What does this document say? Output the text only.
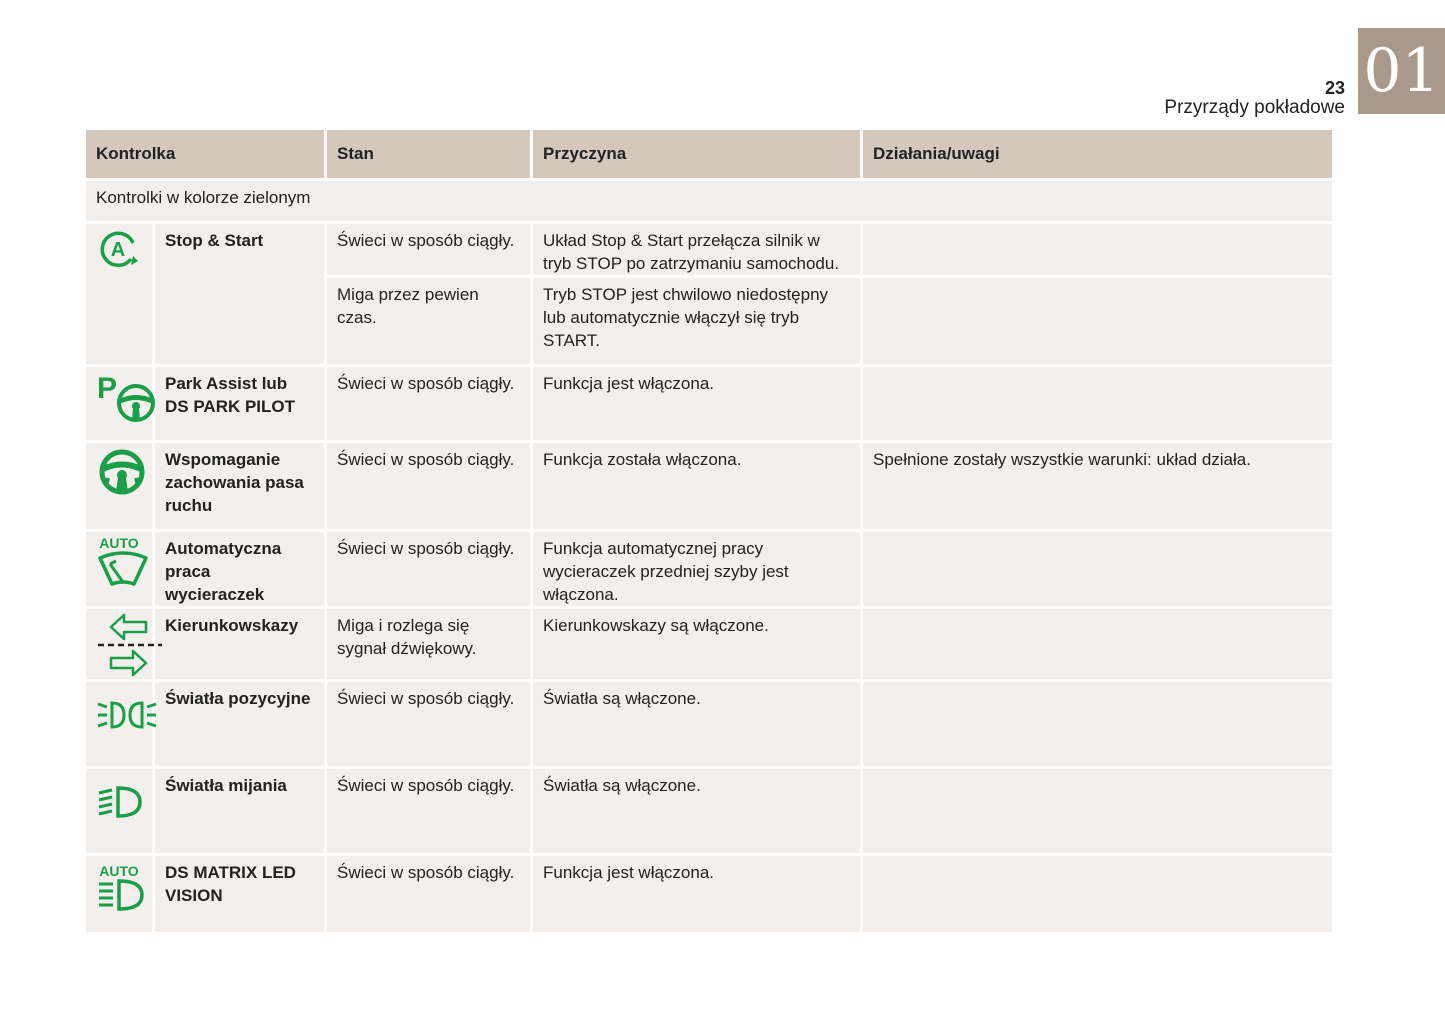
01
23
Przyrządy pokładowe
Kontrolka		Stan	Przyczyna	Działania/uwagi
Kontrolki w kolorze zielonym				

A	Stop & Start	Świeci w sposób ciągły.	Układ Stop & Start przełącza silnik w tryb STOP po zatrzymaniu samochodu.	
		Miga przez pewien czas.	Tryb STOP jest chwilowo niedostępny lub automatycznie włączył się tryb START.	

P	Park Assist lub DS PARK PILOT	Świeci w sposób ciągły.	Funkcja jest włączona.	

	Wspomaganie zachowania pasa ruchu	Świeci w sposób ciągły.	Funkcja została włączona.	Spełnione zostały wszystkie warunki: układ działa.

AUTO	Automatyczna praca wycieraczek	Świeci w sposób ciągły.	Funkcja automatycznej pracy wycieraczek przedniej szyby jest włączona.	

	Kierunkowskazy	Miga i rozlega się sygnał dźwiękowy.	Kierunkowskazy są włączone.	

	Światła pozycyjne	Świeci w sposób ciągły.	Światła są włączone.	

	Światła mijania	Świeci w sposób ciągły.	Światła są włączone.	

AUTO	DS MATRIX LED VISION	Świeci w sposób ciągły.	Funkcja jest włączona.	
